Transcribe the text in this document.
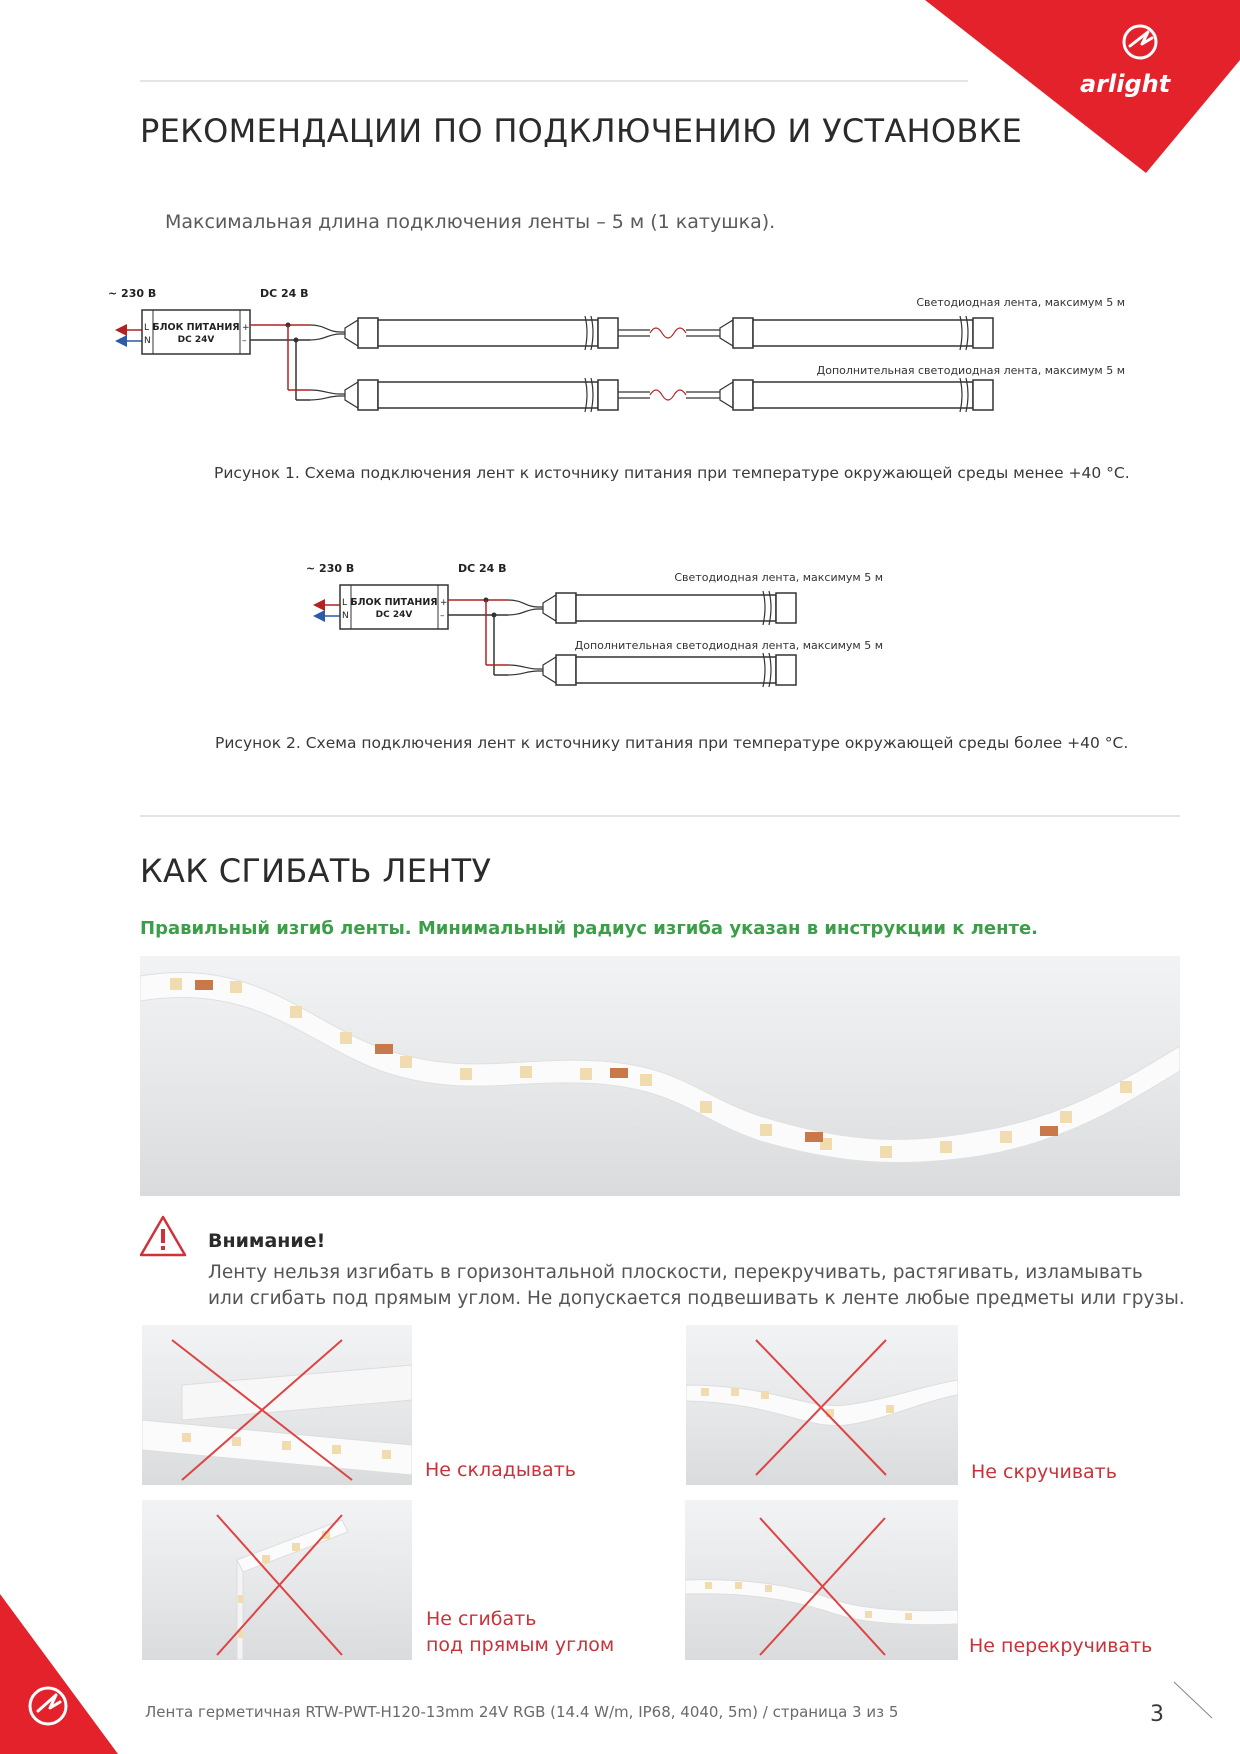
arlight
РЕКОМЕНДАЦИИ ПО ПОДКЛЮЧЕНИЮ И УСТАНОВКЕ
Максимальная длина подключения ленты – 5 м (1 катушка).
~ 230 В	DC 24 В
L
N
+
–
БЛОК ПИТАНИЯ
DC 24V
Светодиодная лента, максимум 5 м
Дополнительная светодиодная лента, максимум 5 м
Рисунок 1. Схема подключения лент к источнику питания при температуре окружающей среды менее +40 °С.
~ 230 В	DC 24 В
L
N
+
–
БЛОК ПИТАНИЯ
DC 24V
Светодиодная лента, максимум 5 м
Дополнительная светодиодная лента, максимум 5 м
Рисунок 2. Схема подключения лент к источнику питания при температуре окружающей среды более +40 °С.
КАК СГИБАТЬ ЛЕНТУ
Правильный изгиб ленты. Минимальный радиус изгиба указан в инструкции к ленте.
Внимание!
Ленту нельзя изгибать в горизонтальной плоскости, перекручивать, растягивать, изламывать
или сгибать под прямым углом. Не допускается подвешивать к ленте любые предметы или грузы.
Не складывать	Не скручивать
Не сгибать
под прямым углом	Не перекручивать
Лента герметичная RTW-PWT-H120-13mm 24V RGB (14.4 W/m, IP68, 4040, 5m) / страница 3 из 5	3
